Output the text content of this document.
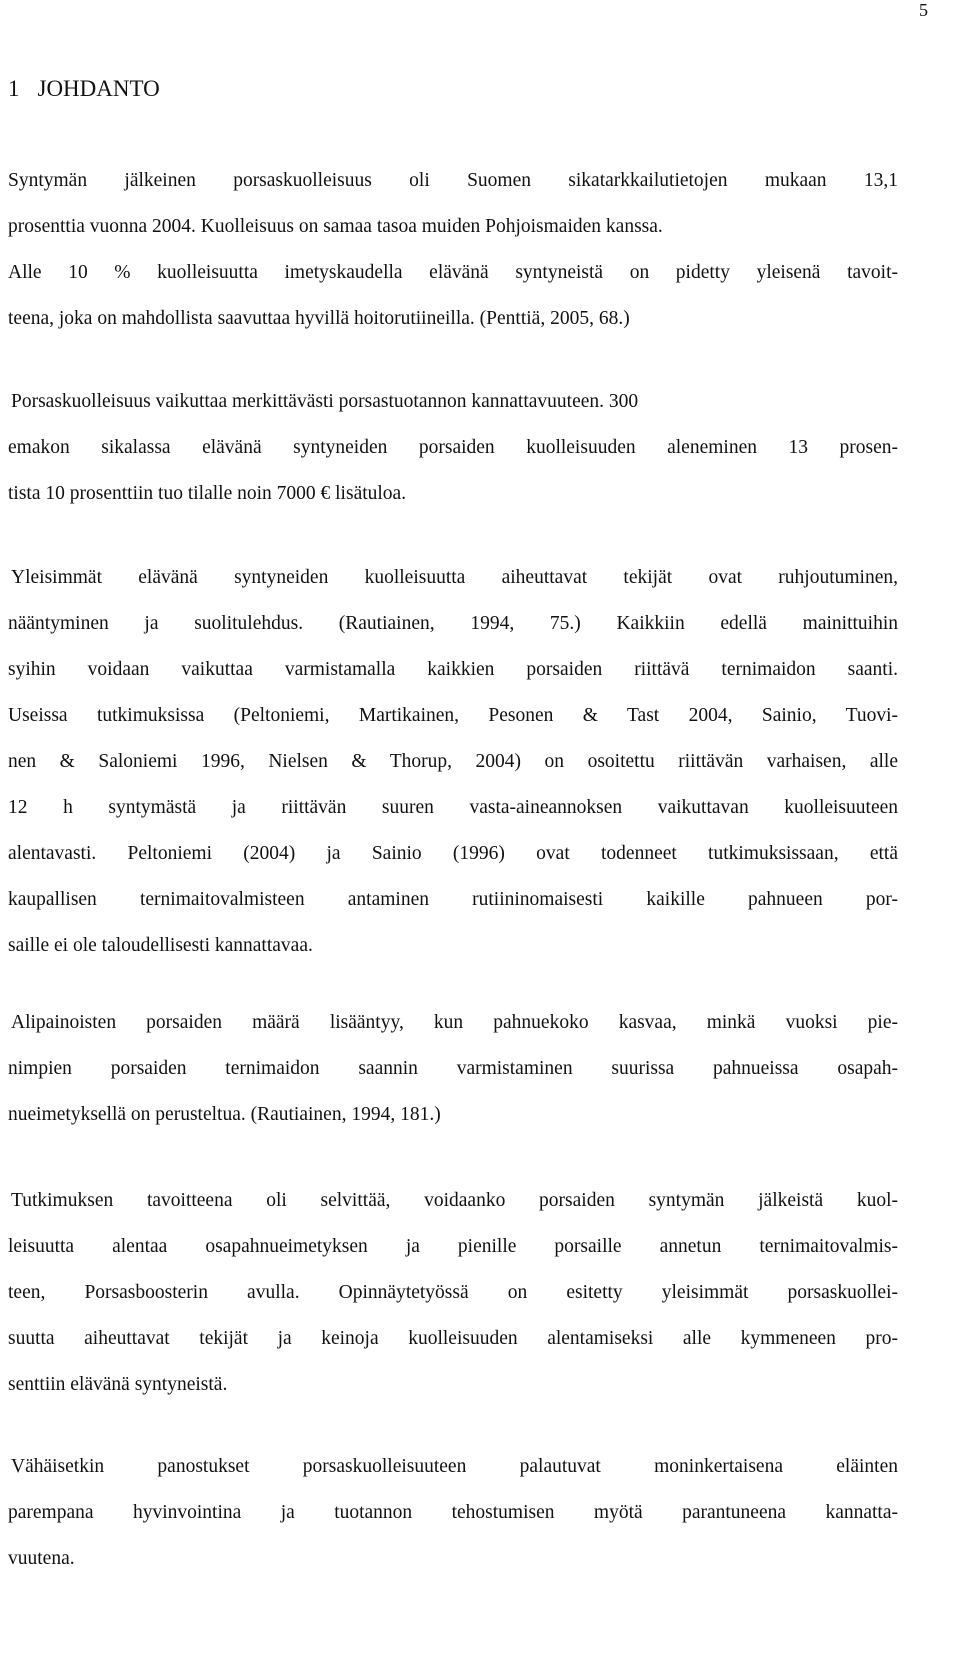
5
1 JOHDANTO

Syntymän jälkeinen porsaskuolleisuus oli Suomen sikatarkkailutietojen mukaan 13,1
prosenttia vuonna 2004. Kuolleisuus on samaa tasoa muiden Pohjoismaiden kanssa.
Alle 10 % kuolleisuutta imetyskaudella elävänä syntyneistä on pidetty yleisenä tavoit-
teena, joka on mahdollista saavuttaa hyvillä hoitorutiineilla. (Penttiä, 2005, 68.)

Porsaskuolleisuus vaikuttaa merkittävästi porsastuotannon kannattavuuteen. 300
emakon sikalassa elävänä syntyneiden porsaiden kuolleisuuden aleneminen 13 prosen-
tista 10 prosenttiin tuo tilalle noin 7000 € lisätuloa.

Yleisimmät elävänä syntyneiden kuolleisuutta aiheuttavat tekijät ovat ruhjoutuminen,
nääntyminen ja suolitulehdus. (Rautiainen, 1994, 75.) Kaikkiin edellä mainittuihin
syihin voidaan vaikuttaa varmistamalla kaikkien porsaiden riittävä ternimaidon saanti.
Useissa tutkimuksissa (Peltoniemi, Martikainen, Pesonen & Tast 2004, Sainio, Tuovi-
nen & Saloniemi 1996, Nielsen & Thorup, 2004) on osoitettu riittävän varhaisen, alle
12 h syntymästä ja riittävän suuren vasta-aineannoksen vaikuttavan kuolleisuuteen
alentavasti. Peltoniemi (2004) ja Sainio (1996) ovat todenneet tutkimuksissaan, että
kaupallisen ternimaitovalmisteen antaminen rutiininomaisesti kaikille pahnueen por-
saille ei ole taloudellisesti kannattavaa.

Alipainoisten porsaiden määrä lisääntyy, kun pahnuekoko kasvaa, minkä vuoksi pie-
nimpien porsaiden ternimaidon saannin varmistaminen suurissa pahnueissa osapah-
nueimetyksellä on perusteltua. (Rautiainen, 1994, 181.)

Tutkimuksen tavoitteena oli selvittää, voidaanko porsaiden syntymän jälkeistä kuol-
leisuutta alentaa osapahnueimetyksen ja pienille porsaille annetun ternimaitovalmis-
teen, Porsasboosterin avulla. Opinnäytetyössä on esitetty yleisimmät porsaskuollei-
suutta aiheuttavat tekijät ja keinoja kuolleisuuden alentamiseksi alle kymmeneen pro-
senttiin elävänä syntyneistä.

Vähäisetkin panostukset porsaskuolleisuuteen palautuvat moninkertaisena eläinten
parempana hyvinvointina ja tuotannon tehostumisen myötä parantuneena kannatta-
vuutena.
